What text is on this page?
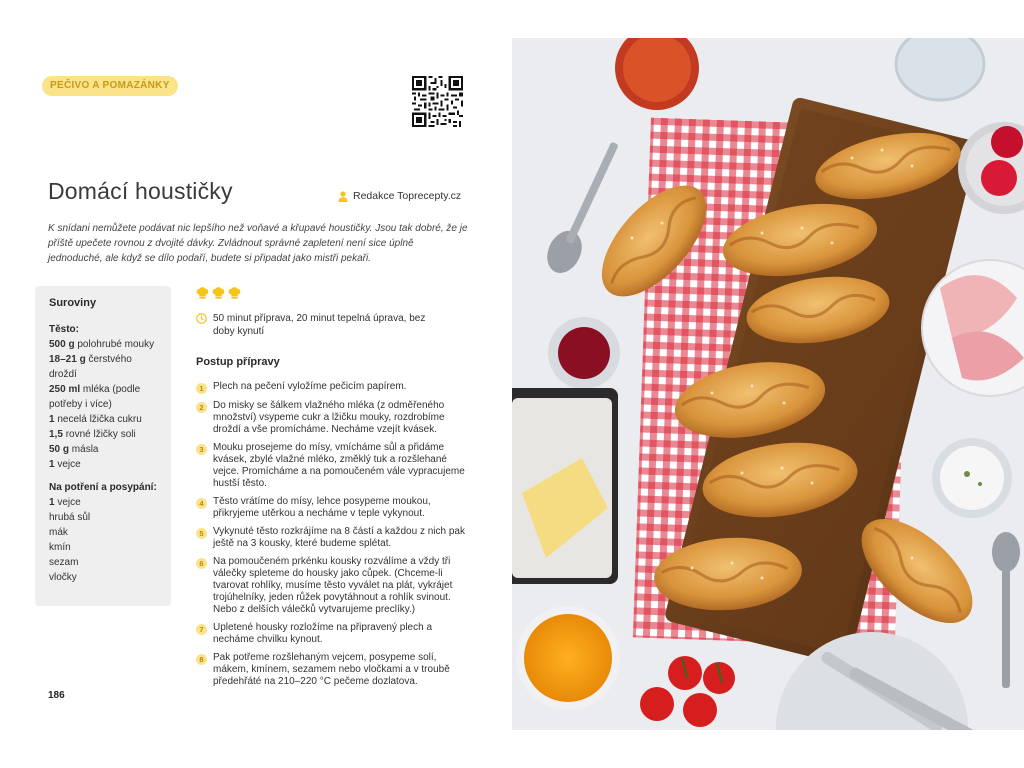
PEČIVO A POMAZÁNKY
Domácí houstičky	Redakce Toprecepty.cz

K snídani nemůžete podávat nic lepšího než voňavé a křupavé houstičky. Jsou tak dobré, že je příště upečete rovnou z dvojité dávky. Zvládnout správné zapletení není sice úplně jednoduché, ale když se dílo podaří, budete si připadat jako mistři pekaři.

Suroviny
Těsto:
500 g polohrubé mouky
18–21 g čerstvého droždí
250 ml mléka (podle potřeby i více)
1 necelá lžička cukru
1,5 rovné lžičky soli
50 g másla
1 vejce
Na potření a posypání:
1 vejce
hrubá sůl
mák
kmín
sezam
vločky
50 minut příprava, 20 minut tepelná úprava, bez doby kynutí
Postup přípravy
1 Plech na pečení vyložíme pečicím papírem.
2 Do misky se šálkem vlažného mléka (z odměřeného množství) vsypeme cukr a lžičku mouky, rozdrobíme droždí a vše promícháme. Necháme vzejít kvásek.
3 Mouku prosejeme do mísy, vmícháme sůl a přidáme kvásek, zbylé vlažné mléko, změklý tuk a rozšlehané vejce. Promícháme a na pomoučeném vále vypracujeme hustší těsto.
4 Těsto vrátíme do mísy, lehce posypeme moukou, přikryjeme utěrkou a necháme v teple vykynout.
5 Vykynuté těsto rozkrájíme na 8 částí a každou z nich pak ještě na 3 kousky, které budeme splétat.
6 Na pomoučeném prkénku kousky rozválíme a vždy tři válečky spleteme do housky jako cůpek. (Chceme-li tvarovat rohlíky, musíme těsto vyválet na plát, vykrájet trojúhelníky, jeden růžek povytáhnout a rohlík svinout. Nebo z delších válečků vytvarujeme preclíky.)
7 Upletené housky rozložíme na připravený plech a necháme chvilku kynout.
8 Pak potřeme rozšlehaným vejcem, posypeme solí, mákem, kmínem, sezamem nebo vločkami a v troubě předehřáté na 210–220 °C pečeme dozlatova.
186
